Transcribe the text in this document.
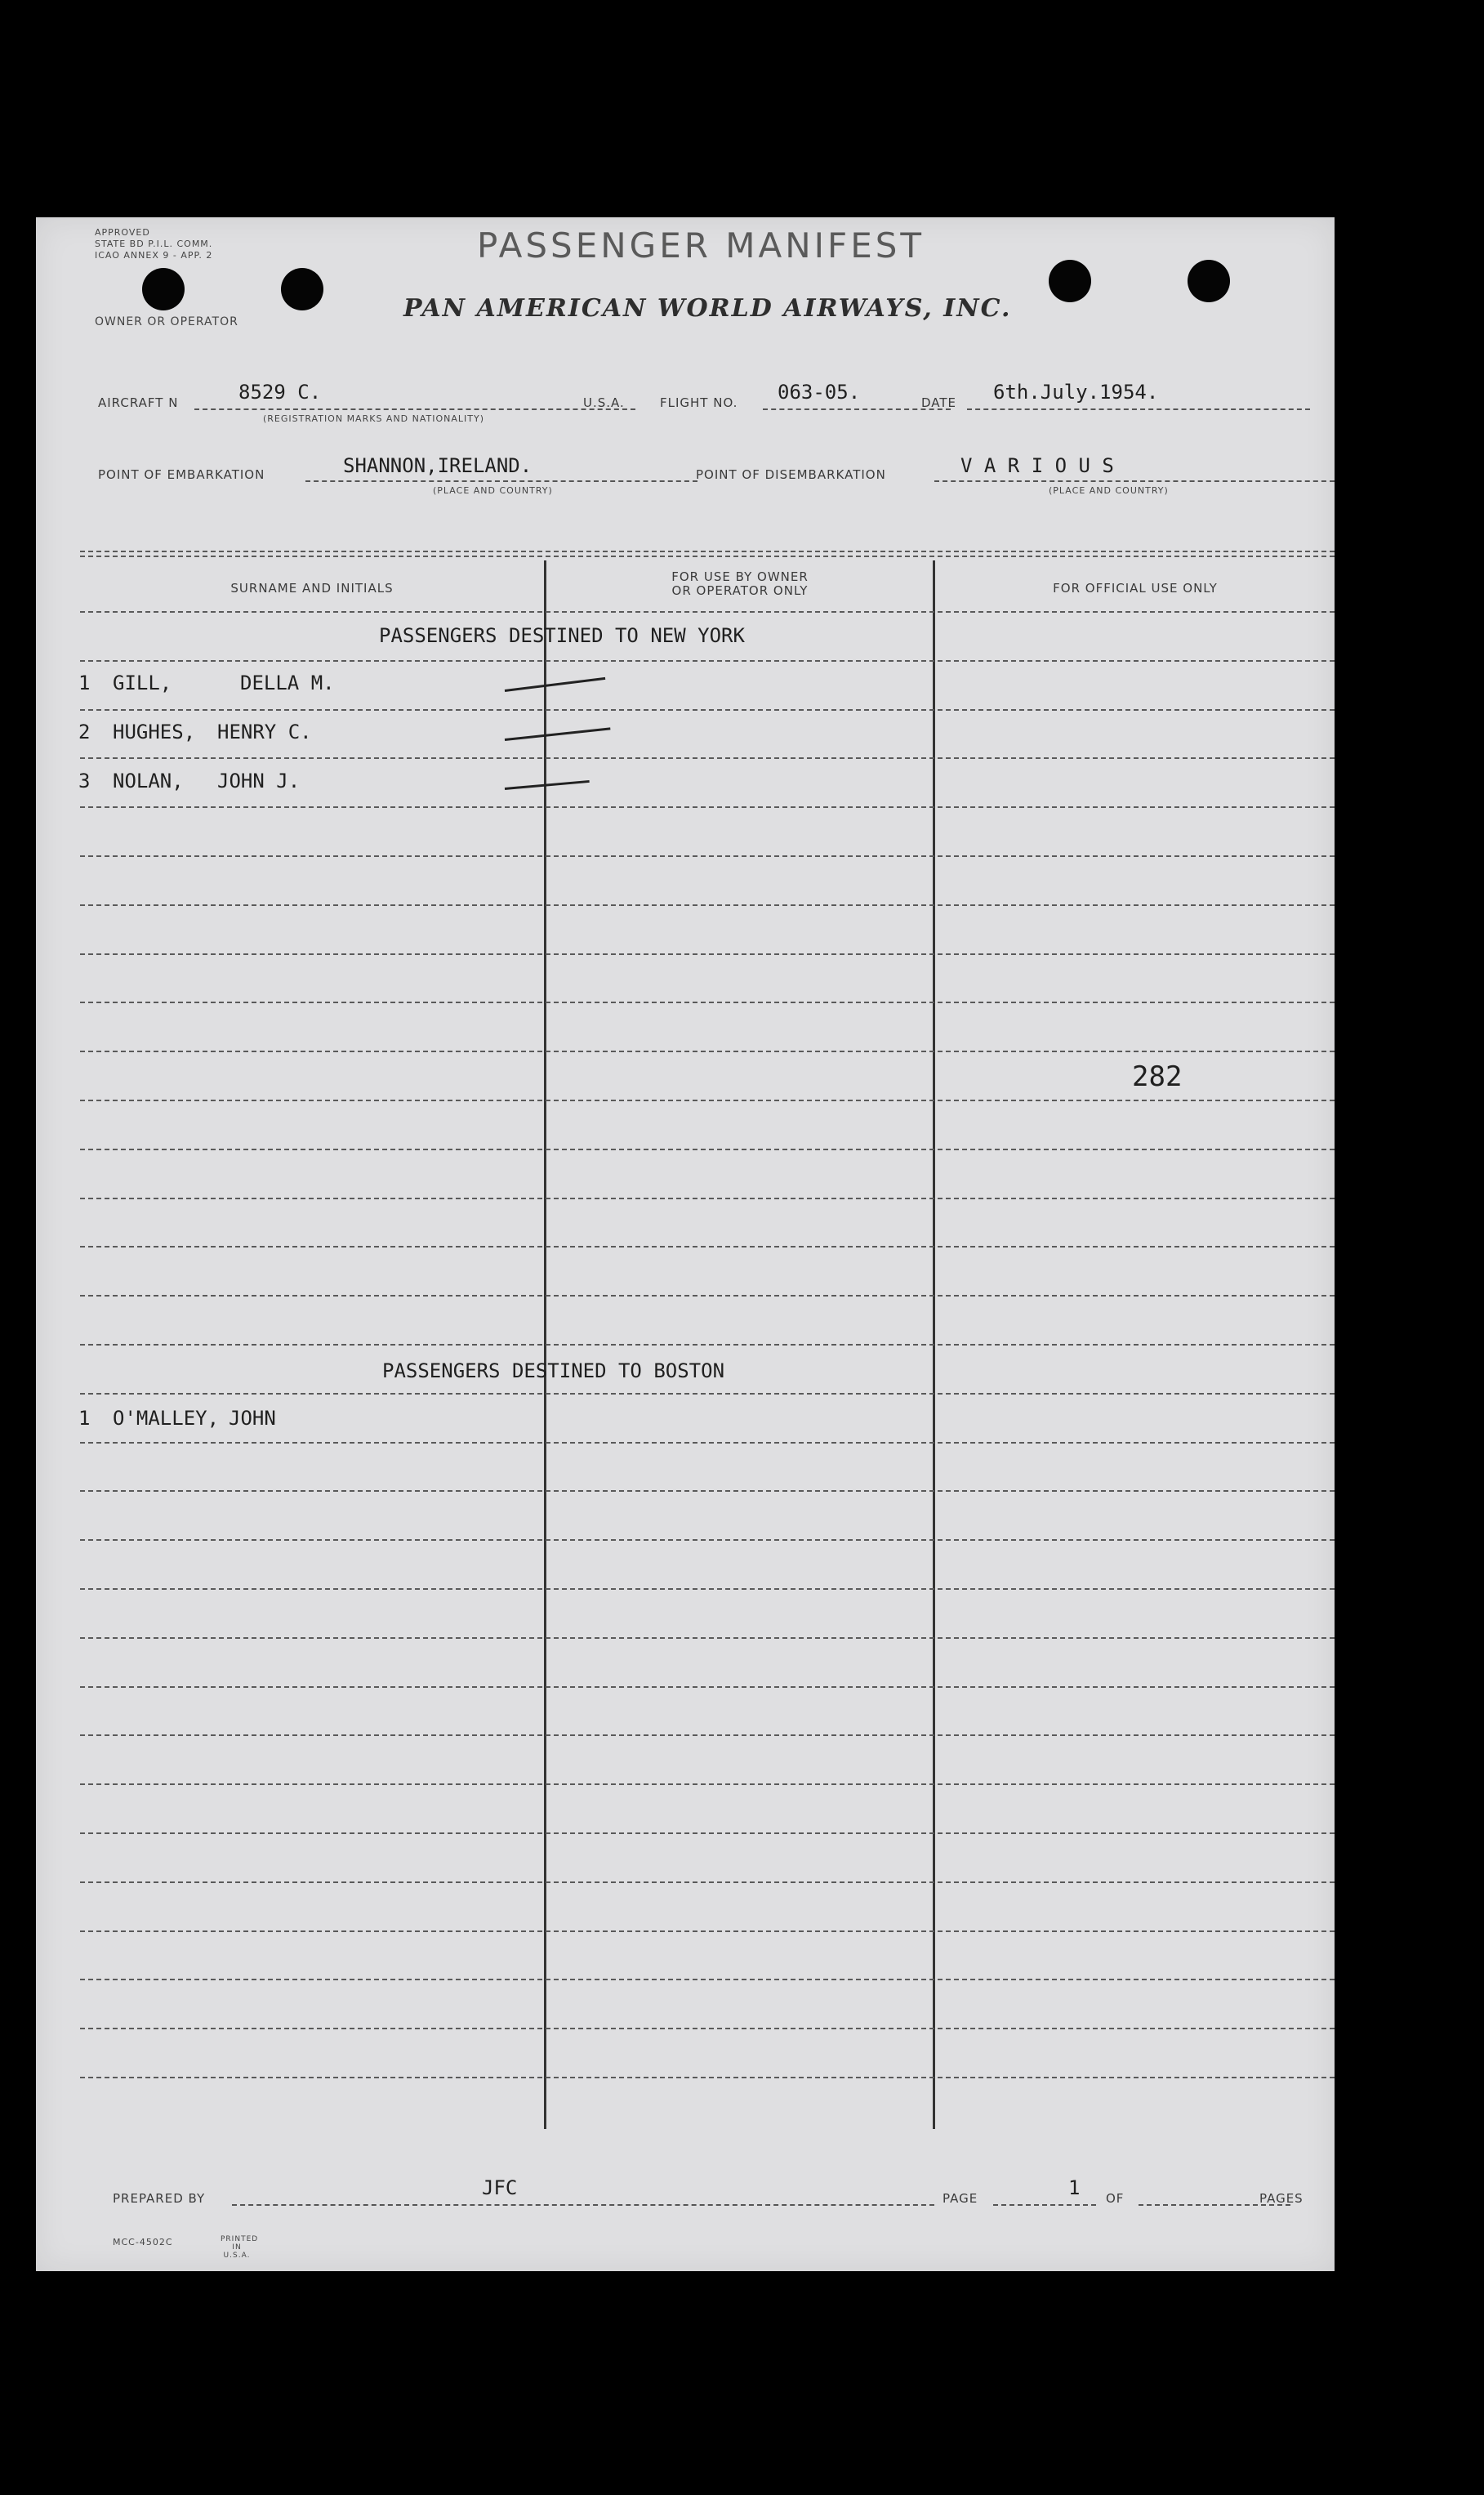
APPROVED
STATE BD P.I.L. COMM.
ICAO ANNEX 9 - APP. 2
OWNER OR OPERATOR
PASSENGER MANIFEST
PAN AMERICAN WORLD AIRWAYS, INC.
AIRCRAFT N	8529 C.
(REGISTRATION MARKS AND NATIONALITY)
U.S.A.	FLIGHT NO. 063-05.	DATE 6th.July.1954.
POINT OF EMBARKATION	SHANNON,IRELAND.
(PLACE AND COUNTRY)
POINT OF DISEMBARKATION	V A R I O U S
(PLACE AND COUNTRY)
SURNAME AND INITIALS
FOR USE BY OWNER
OR OPERATOR ONLY	FOR OFFICIAL USE ONLY
PASSENGERS DESTINED TO NEW YORK
1 GILL,	DELLA M.
2 HUGHES, HENRY C.
3 NOLAN, JOHN J.
282
PASSENGERS DESTINED TO BOSTON
1 O'MALLEY, JOHN
PREPARED BY	JFC	PAGE	1 OF	PAGES
MCC-4502C	PRINTED IN U.S.A.
